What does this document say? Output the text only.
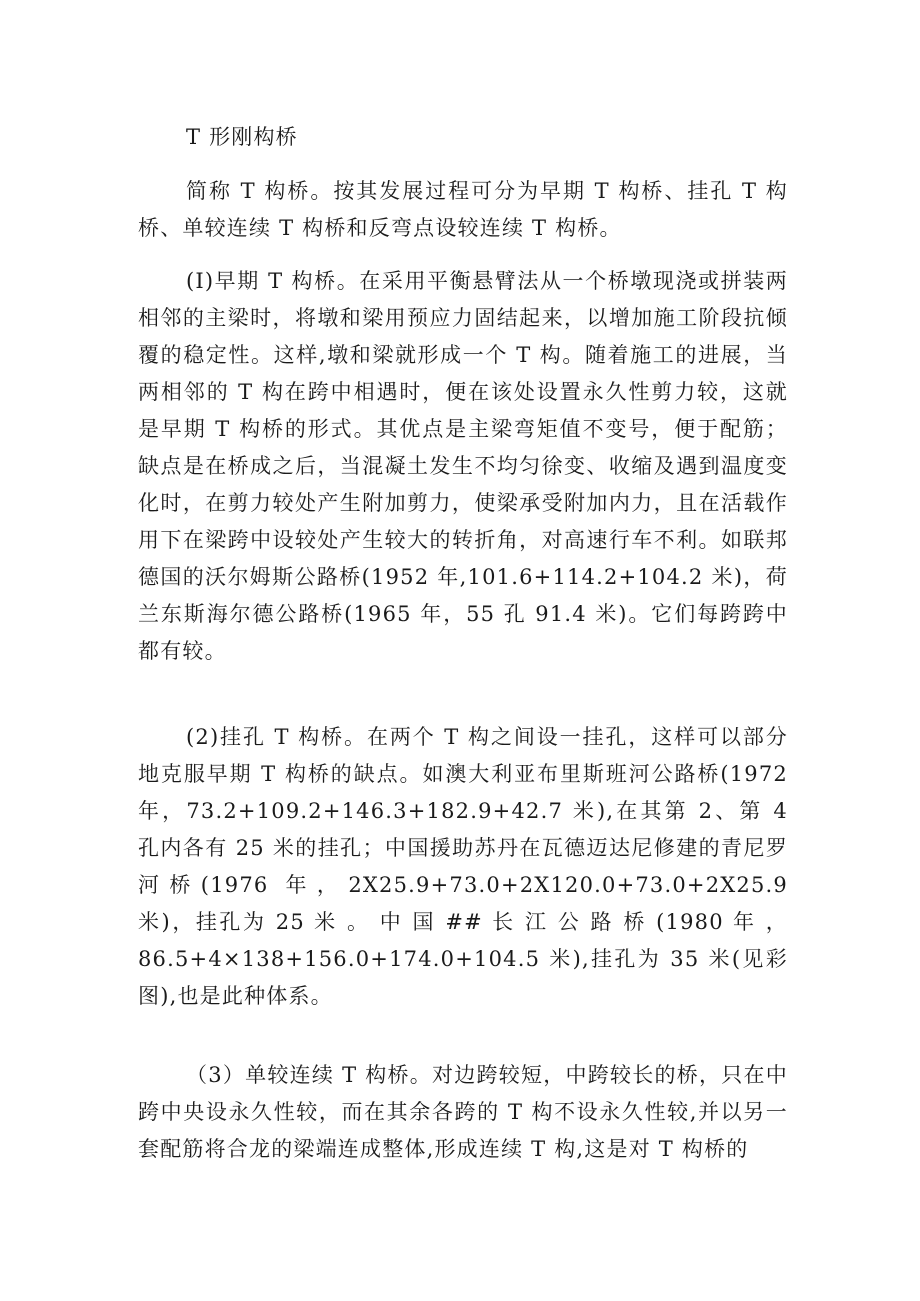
T 形刚构桥

简称 T 构桥。按其发展过程可分为早期 T 构桥、挂孔 T 构桥、单较连续 T 构桥和反弯点设较连续 T 构桥。

(I)早期 T 构桥。在采用平衡悬臂法从一个桥墩现浇或拼装两相邻的主梁时，将墩和梁用预应力固结起来，以增加施工阶段抗倾覆的稳定性。这样,墩和梁就形成一个 T 构。随着施工的进展，当两相邻的 T 构在跨中相遇时，便在该处设置永久性剪力较，这就是早期 T 构桥的形式。其优点是主梁弯矩值不变号，便于配筋；缺点是在桥成之后，当混凝土发生不均匀徐变、收缩及遇到温度变化时，在剪力较处产生附加剪力，使梁承受附加内力，且在活载作用下在梁跨中设较处产生较大的转折角，对高速行车不利。如联邦德国的沃尔姆斯公路桥(1952 年,101.6+114.2+104.2 米)，荷兰东斯海尔德公路桥(1965 年，55 孔 91.4 米)。它们每跨跨中都有较。

(2)挂孔 T 构桥。在两个 T 构之间设一挂孔，这样可以部分地克服早期 T 构桥的缺点。如澳大利亚布里斯班河公路桥(1972 年，73.2+109.2+146.3+182.9+42.7 米),在其第 2、第 4 孔内各有 25 米的挂孔；中国援助苏丹在瓦德迈达尼修建的青尼罗河桥(1976 年，2X25.9+73.0+2X120.0+73.0+2X25.9 米)，挂孔为 25 米 。 中 国 ## 长 江 公 路 桥 (1980 年 ，86.5+4×138+156.0+174.0+104.5 米),挂孔为 35 米(见彩图),也是此种体系。

（3）单较连续 T 构桥。对边跨较短，中跨较长的桥，只在中跨中央设永久性较，而在其余各跨的 T 构不设永久性较,并以另一套配筋将合龙的梁端连成整体,形成连续 T 构,这是对 T 构桥的
